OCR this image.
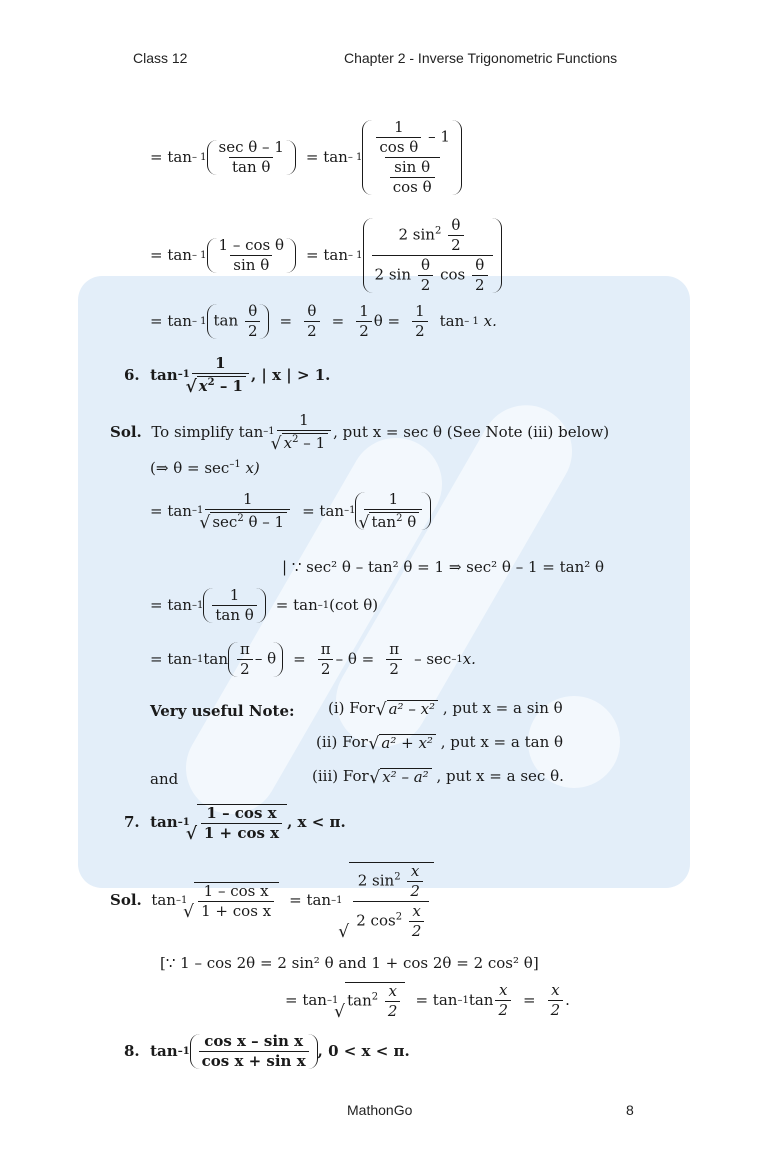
Class 12	Chapter 2 - Inverse Trigonometric Functions
= $\tan - 1 \frac{\text{sec θ – 1}}{\text{tan θ}} = \tan - 1 \frac{\frac{1}{\text{cos θ}} - 1}{\frac{\text{sin θ}}{\text{cos θ}}}$
= $\tan - 1 \frac{\text{1 – cos θ}}{\text{sin θ}} = \tan - 1 \frac{2 \sin^2 \frac{\theta}{2}}{2 \sin \frac{\theta}{2} \cos \frac{\theta}{2}}$
= tan – 1 $\tan \frac{\theta}{2} = \frac{\theta}{2} = \frac{1}{2}$ $\theta = \frac{1}{2}$ tan – 1
x.
6.
tan –1 1
√ $x^2 - 1$ , | x | > 1.
Sol.
To simplify tan –1 1
√ $x^2 - 1$ , put x = sec θ (See Note (iii) below)
(⇒ $\theta = \sec^{-1} x$)
= tan –1 1
√ $\sec^2 \theta - 1 = \tan -1$ 1
√ $\tan^2 \theta$
| ∵ sec² θ – tan² θ = 1 ⇒ sec² θ – 1 = tan² θ
= $\tan -1 \frac{1}{\text{tan θ}} = \tan -1$ (cot θ)
= tan –1 $\tan \frac{\pi}{2}$ – θ	= $\frac{\pi}{2} - \theta = \frac{\pi}{2} - \sec -1$ x.
Very useful Note: (i) For
√ a² – x²
, put x = a sin θ
(ii) For
√ a² + x²
, put x = a tan θ
and	(iii) For
√ x² – a²
, put x = a sec θ.
7.
tan –1
√ $\frac{\text{1 – cos x}}{\text{1 + cos x}}$ , x < π.
Sol.
tan –1
√ $\frac{\text{1 – cos x}}{\text{1 + cos x}} = \tan -1$
√ $\frac{2 \sin^2 \frac{x}{2}}{2 \cos^2 \frac{x}{2}}$
[∵ 1 – cos 2θ = 2 sin² θ and 1 + cos 2θ = 2 cos² θ]
= tan –1
√ $\tan^2 \frac{x}{2} = \tan -1$ $\tan \frac{x}{2} = \frac{x}{2}$ .
8.
$\tan -1 \frac{\text{cos x – sin x}}{\text{cos x + sin x}}$ , 0 < x < π.
MathonGo	8
